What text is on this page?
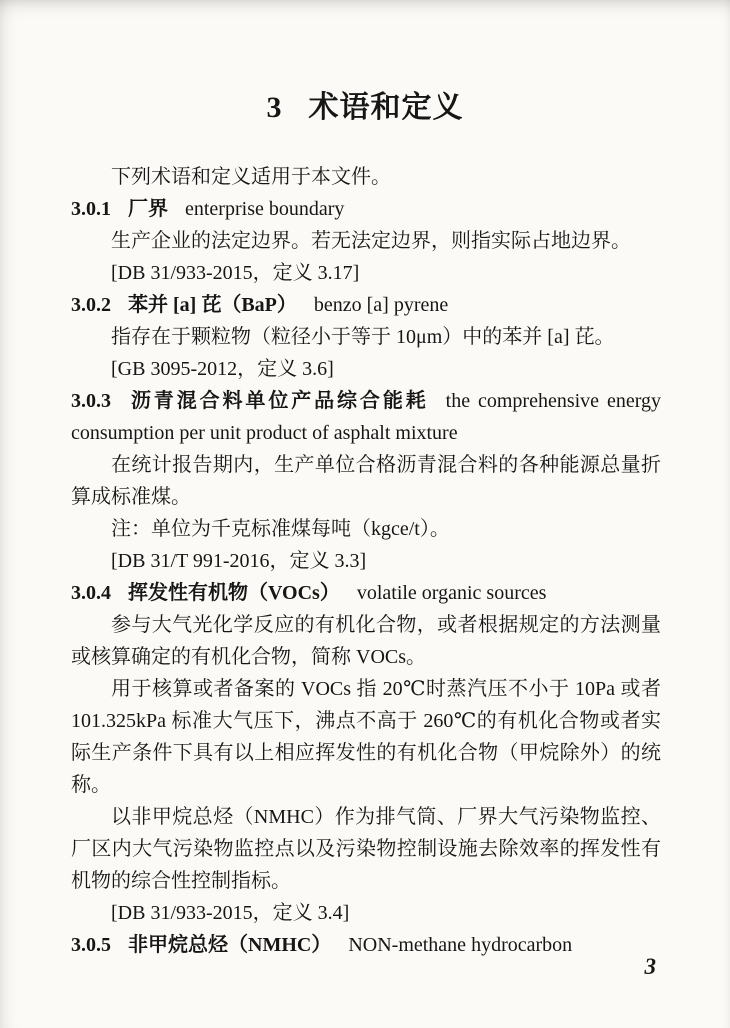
3 术语和定义

下列术语和定义适用于本文件。

3.0.1 厂界 enterprise boundary

生产企业的法定边界。若无法定边界，则指实际占地边界。

[DB 31/933-2015，定义 3.17]

3.0.2 苯并 [a] 芘（BaP） benzo [a] pyrene

指存在于颗粒物（粒径小于等于 10μm）中的苯并 [a] 芘。

[GB 3095-2012，定义 3.6]

3.0.3 沥青混合料单位产品综合能耗 the comprehensive energy consumption per unit product of asphalt mixture

在统计报告期内，生产单位合格沥青混合料的各种能源总量折算成标准煤。

注：单位为千克标准煤每吨（kgce/t）。

[DB 31/T 991-2016，定义 3.3]

3.0.4 挥发性有机物（VOCs） volatile organic sources

参与大气光化学反应的有机化合物，或者根据规定的方法测量或核算确定的有机化合物，简称 VOCs。

用于核算或者备案的 VOCs 指 20℃时蒸汽压不小于 10Pa 或者 101.325kPa 标准大气压下，沸点不高于 260℃的有机化合物或者实际生产条件下具有以上相应挥发性的有机化合物（甲烷除外）的统称。

以非甲烷总烃（NMHC）作为排气筒、厂界大气污染物监控、厂区内大气污染物监控点以及污染物控制设施去除效率的挥发性有机物的综合性控制指标。

[DB 31/933-2015，定义 3.4]

3.0.5 非甲烷总烃（NMHC） NON-methane hydrocarbon

3
